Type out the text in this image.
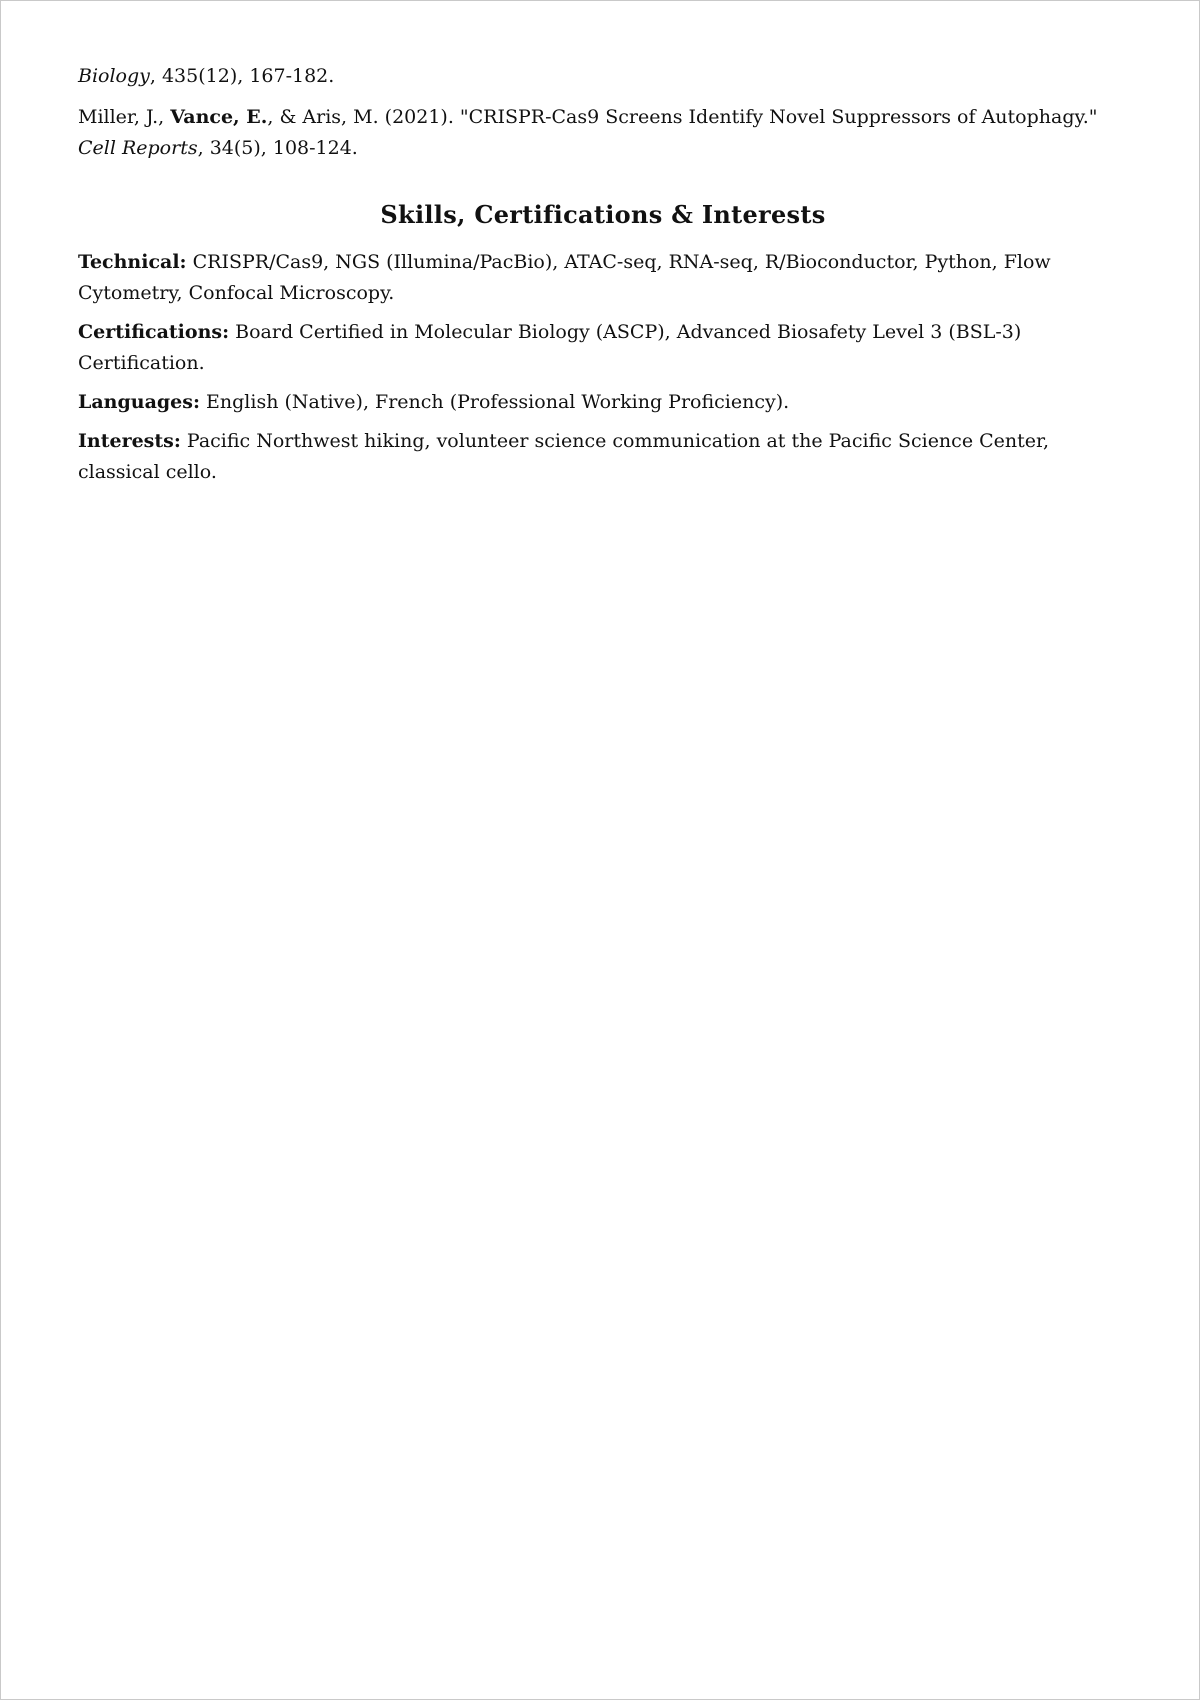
Biology, 435(12), 167-182.

Miller, J., Vance, E., & Aris, M. (2021). "CRISPR-Cas9 Screens Identify Novel Suppressors of Autophagy." Cell Reports, 34(5), 108-124.

Skills, Certifications & Interests

Technical: CRISPR/Cas9, NGS (Illumina/PacBio), ATAC-seq, RNA-seq, R/Bioconductor, Python, Flow Cytometry, Confocal Microscopy.

Certifications: Board Certified in Molecular Biology (ASCP), Advanced Biosafety Level 3 (BSL-3) Certification.

Languages: English (Native), French (Professional Working Proficiency).

Interests: Pacific Northwest hiking, volunteer science communication at the Pacific Science Center, classical cello.
